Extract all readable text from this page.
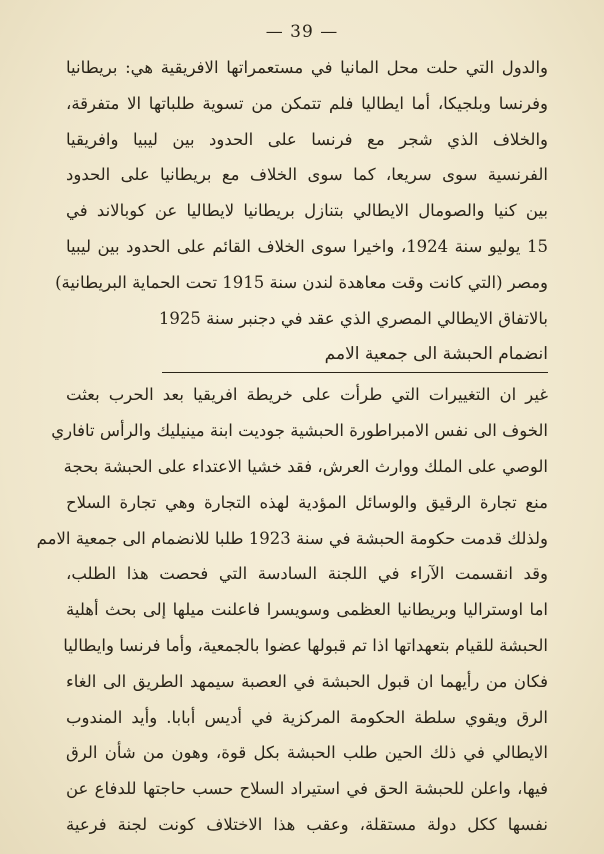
— 39 —
والدول التي حلت محل المانيا في مستعمراتها الافريقية هي: بريطانيا
وفرنسا وبلجيكا، أما ايطاليا فلم تتمكن من تسوية طلباتها الا متفرقة،
والخلاف الذي شجر مع فرنسا على الحدود بين ليبيا وافريقيا
الفرنسية سوى سريعا، كما سوى الخلاف مع بريطانيا على الحدود
بين كنيا والصومال الايطالي بتنازل بريطانيا لايطاليا عن كوبالاند في
15 يوليو سنة 1924، واخيرا سوى الخلاف القائم على الحدود بين ليبيا
ومصر (التي كانت وقت معاهدة لندن سنة 1915 تحت الحماية البريطانية)
بالاتفاق الايطالي المصري الذي عقد في دجنبر سنة 1925
انضمام الحبشة الى جمعية الامم
غير ان التغييرات التي طرأت على خريطة افريقيا بعد الحرب بعثت
الخوف الى نفس الامبراطورة الحبشية جوديت ابنة مينيليك والرأس تافاري
الوصي على الملك ووارث العرش، فقد خشيا الاعتداء على الحبشة بحجة
منع تجارة الرقيق والوسائل المؤدية لهذه التجارة وهي تجارة السلاح
ولذلك قدمت حكومة الحبشة في سنة 1923 طلبا للانضمام الى جمعية الامم
وقد انقسمت الآراء في اللجنة السادسة التي فحصت هذا الطلب،
اما اوستراليا وبريطانيا العظمى وسويسرا فاعلنت ميلها إلى بحث أهلية
الحبشة للقيام بتعهداتها اذا تم قبولها عضوا بالجمعية، وأما فرنسا وايطاليا
فكان من رأيهما ان قبول الحبشة في العصبة سيمهد الطريق الى الغاء
الرق ويقوي سلطة الحكومة المركزية في أديس أبابا. وأيد المندوب
الايطالي في ذلك الحين طلب الحبشة بكل قوة، وهون من شأن الرق
فيها، واعلن للحبشة الحق في استيراد السلاح حسب حاجتها للدفاع عن
نفسها ككل دولة مستقلة، وعقب هذا الاختلاف كونت لجنة فرعية
